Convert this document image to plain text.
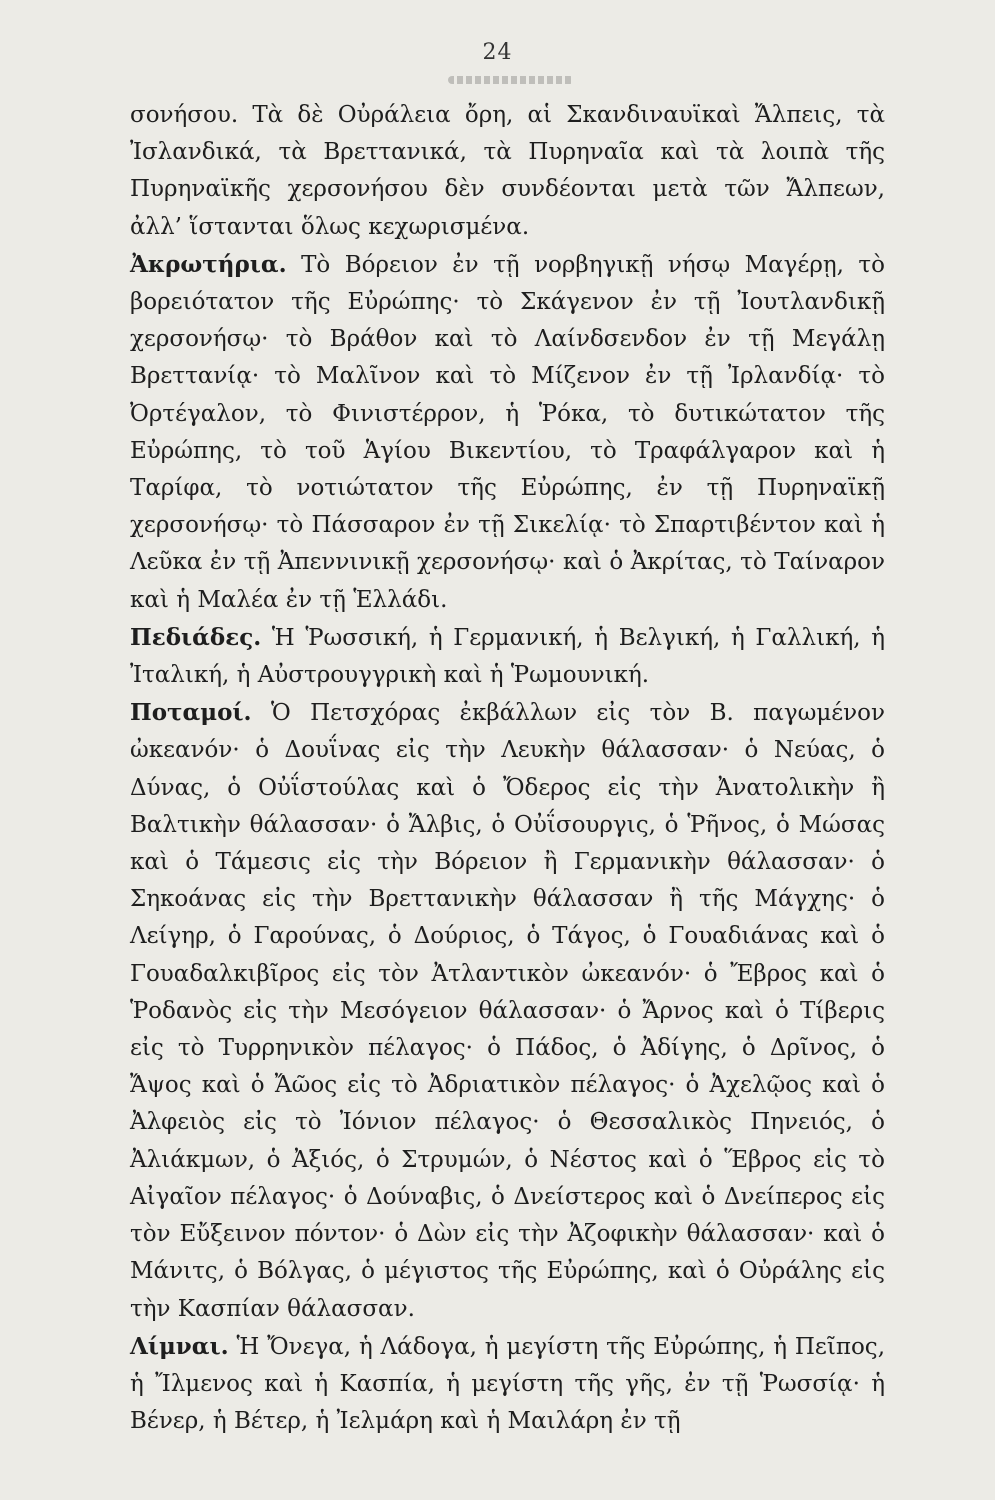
24

σονήσου. Τὰ δὲ Οὐράλεια ὄρη, αἱ Σκανδιναυϊκαὶ Ἄλπεις, τὰ Ἰσλανδικά, τὰ Βρεττανικά, τὰ Πυρηναῖα καὶ τὰ λοιπὰ τῆς Πυρηναϊκῆς χερσονήσου δὲν συνδέονται μετὰ τῶν Ἄλπεων, ἀλλ’ ἵστανται ὅλως κεχωρισμένα.

Ἀκρωτήρια. Τὸ Βόρειον ἐν τῇ νορβηγικῇ νήσῳ Μαγέρῃ, τὸ βορειότατον τῆς Εὐρώπης· τὸ Σκάγενον ἐν τῇ Ἰουτλανδικῇ χερσονήσῳ· τὸ Βράθον καὶ τὸ Λαίνδσενδον ἐν τῇ Μεγάλῃ Βρεττανίᾳ· τὸ Μαλῖνον καὶ τὸ Μίζενον ἐν τῇ Ἰρλανδίᾳ· τὸ Ὀρτέγαλον, τὸ Φινιστέρρον, ἡ Ῥόκα, τὸ δυτικώτατον τῆς Εὐρώπης, τὸ τοῦ Ἁγίου Βικεντίου, τὸ Τραφάλγαρον καὶ ἡ Ταρίφα, τὸ νοτιώτατον τῆς Εὐρώπης, ἐν τῇ Πυρηναϊκῇ χερσονήσῳ· τὸ Πάσσαρον ἐν τῇ Σικελίᾳ· τὸ Σπαρτιβέντον καὶ ἡ Λεῦκα ἐν τῇ Ἀπεννινικῇ χερσονήσῳ· καὶ ὁ Ἀκρίτας, τὸ Ταίναρον καὶ ἡ Μαλέα ἐν τῇ Ἑλλάδι.

Πεδιάδες. Ἡ Ῥωσσική, ἡ Γερμανική, ἡ Βελγική, ἡ Γαλλική, ἡ Ἰταλική, ἡ Αὐστρουγγρικὴ καὶ ἡ Ῥωμουνική.

Ποταμοί. Ὁ Πετσχόρας ἐκβάλλων εἰς τὸν Β. παγωμένον ὠκεανόν· ὁ Δουΐνας εἰς τὴν Λευκὴν θάλασσαν· ὁ Νεύας, ὁ Δύνας, ὁ Οὐΐστούλας καὶ ὁ Ὄδερος εἰς τὴν Ἀνατολικὴν ἢ Βαλτικὴν θάλασσαν· ὁ Ἄλβις, ὁ Οὐΐσουργις, ὁ Ῥῆνος, ὁ Μώσας καὶ ὁ Τάμεσις εἰς τὴν Βόρειον ἢ Γερμανικὴν θάλασσαν· ὁ Σηκοάνας εἰς τὴν Βρεττανικὴν θάλασσαν ἢ τῆς Μάγχης· ὁ Λείγηρ, ὁ Γαρούνας, ὁ Δούριος, ὁ Τάγος, ὁ Γουαδιάνας καὶ ὁ Γουαδαλκιβῖρος εἰς τὸν Ἀτλαντικὸν ὠκεανόν· ὁ Ἔβρος καὶ ὁ Ῥοδανὸς εἰς τὴν Μεσόγειον θάλασσαν· ὁ Ἄρνος καὶ ὁ Τίβερις εἰς τὸ Τυρρηνικὸν πέλαγος· ὁ Πάδος, ὁ Ἀδίγης, ὁ Δρῖνος, ὁ Ἄψος καὶ ὁ Ἄῶος εἰς τὸ Ἀδριατικὸν πέλαγος· ὁ Ἀχελῷος καὶ ὁ Ἀλφειὸς εἰς τὸ Ἰόνιον πέλαγος· ὁ Θεσσαλικὸς Πηνειός, ὁ Ἀλιάκμων, ὁ Ἀξιός, ὁ Στρυμών, ὁ Νέστος καὶ ὁ Ἕβρος εἰς τὸ Αἰγαῖον πέλαγος· ὁ Δούναβις, ὁ Δνείστερος καὶ ὁ Δνείπερος εἰς τὸν Εὔξεινον πόντον· ὁ Δὼν εἰς τὴν Ἀζοφικὴν θάλασσαν· καὶ ὁ Μάνιτς, ὁ Βόλγας, ὁ μέγιστος τῆς Εὐρώπης, καὶ ὁ Οὐράλης εἰς τὴν Κασπίαν θάλασσαν.

Λίμναι. Ἡ Ὄνεγα, ἡ Λάδογα, ἡ μεγίστη τῆς Εὐρώπης, ἡ Πεῖπος, ἡ Ἴλμενος καὶ ἡ Κασπία, ἡ μεγίστη τῆς γῆς, ἐν τῇ Ῥωσσίᾳ· ἡ Βένερ, ἡ Βέτερ, ἡ Ἰελμάρη καὶ ἡ Μαιλάρη ἐν τῇ
